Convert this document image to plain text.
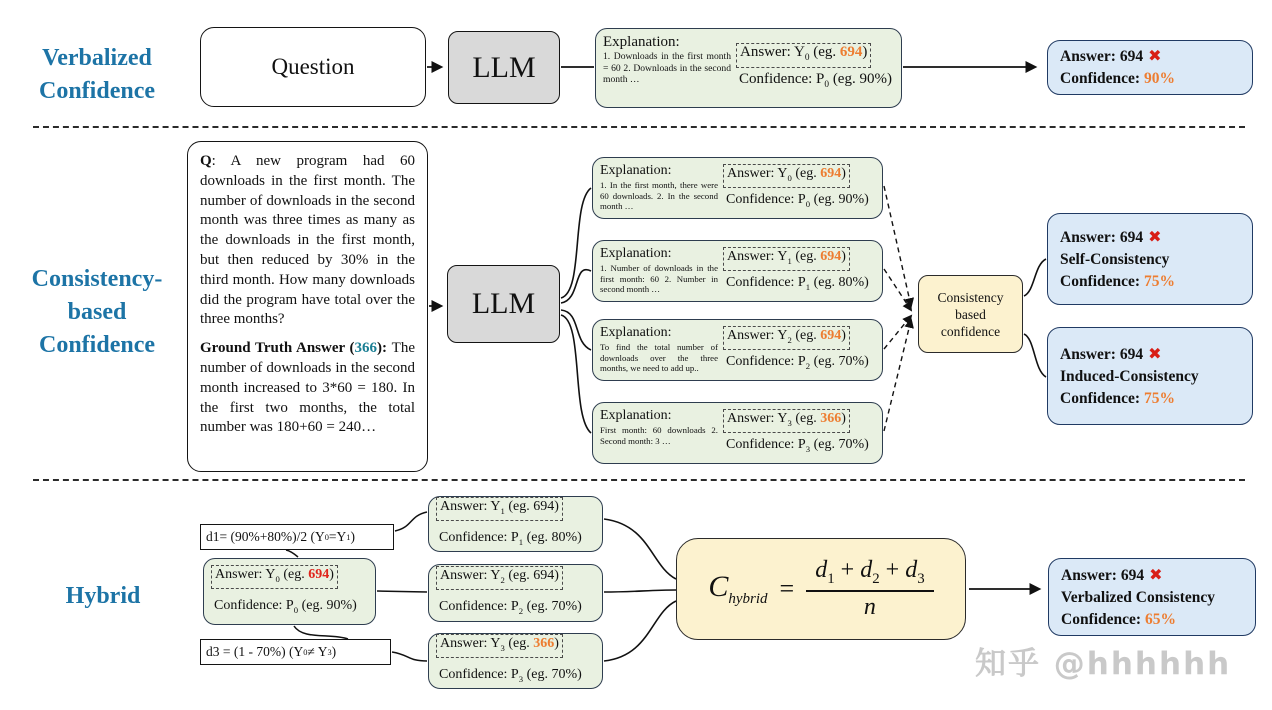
Verbalized
Confidence
Question	LLM
Explanation:
1. Downloads in the first month = 60 2. Downloads in the second month …
Answer: $Y_0$ (eg. 694)
Confidence: $P_0$ (eg. 90%)
Answer: 694 ✖
Confidence: 90%
Consistency-
based
Confidence

Q: A new program had 60 downloads in the first month. The number of downloads in the second month was three times as many as the downloads in the first month, but then reduced by 30% in the third month. How many downloads did the program have total over the three months?

Ground Truth Answer (366): The number of downloads in the second month increased to 3*60 = 180. In the first two months, the total number was 180+60 = 240…

LLM
Explanation:
1. In the first month, there were 60 downloads. 2. In the second month …
Answer: $Y_0$ (eg. 694)
Confidence: $P_0$ (eg. 90%)
Explanation:
1. Number of downloads in the first month: 60 2. Number in second month …
Answer: $Y_1$ (eg. 694)
Confidence: $P_1$ (eg. 80%)
Explanation:
To find the total number of downloads over the three months, we need to add up..
Answer: $Y_2$ (eg. 694)
Confidence: $P_2$ (eg. 70%)
Explanation:
First month: 60 downloads 2. Second month: 3 …
Answer: $Y_3$ (eg. 366)
Confidence: $P_3$ (eg. 70%)
Consistency
based
confidence
Answer: 694 ✖
Self-Consistency
Confidence: 75%
Answer: 694 ✖
Induced-Consistency
Confidence: 75%
Hybrid
d1= (90%+80%)/2 (Y 0 =Y 1 )
Answer: $Y_0$ (eg. 694)
Confidence: $P_0$ (eg. 90%)
d3 = (1 - 70%) (Y 0 ≠ Y 3 )
Answer: $Y_1$ (eg. 694)
Confidence: $P_1$ (eg. 80%)
Answer: $Y_2$ (eg. 694)
Confidence: $P_2$ (eg. 70%)
Answer: $Y_3$ (eg. 366)
Confidence: $P_3$ (eg. 70%)
$C_{hybrid} = \frac{d_1 + d_2 + d_3}{n}$	Answer: 694 ✖
Verbalized Consistency
Confidence: 65%
知乎 @hhhhhh
